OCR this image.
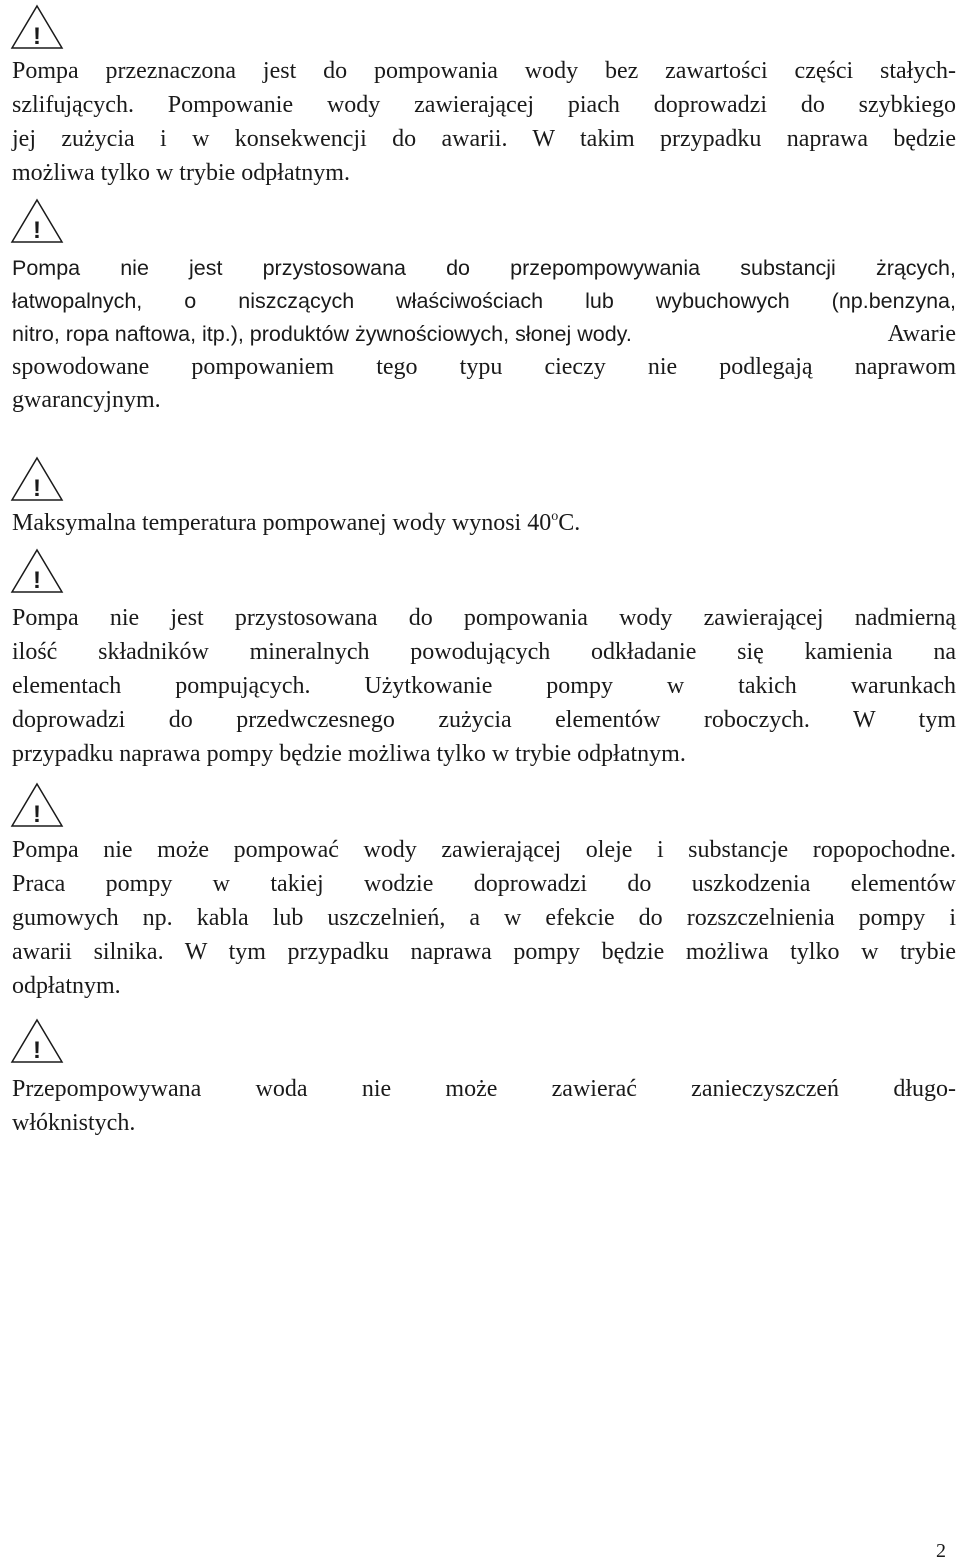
!
Pompa przeznaczona jest do pompowania wody bez zawartości części stałych-
szlifujących. Pompowanie wody zawierającej piach doprowadzi do szybkiego
jej zużycia i w konsekwencji do awarii. W takim przypadku naprawa będzie
możliwa tylko w trybie odpłatnym.
!
Pompa nie jest przystosowana do przepompowywania substancji żrących,
łatwopalnych, o niszczących właściwościach lub wybuchowych (np.benzyna,
nitro, ropa naftowa, itp.), produktów żywnościowych, słonej wody.	Awarie
spowodowane pompowaniem tego typu cieczy nie podlegają naprawom
gwarancyjnym.
!
Maksymalna temperatura pompowanej wody wynosi 40$^o$C.
!
Pompa nie jest przystosowana do pompowania wody zawierającej nadmierną
ilość składników mineralnych powodujących odkładanie się kamienia na
elementach pompujących. Użytkowanie pompy w takich warunkach
doprowadzi do przedwczesnego zużycia elementów roboczych. W tym
przypadku naprawa pompy będzie możliwa tylko w trybie odpłatnym.
!
Pompa nie może pompować wody zawierającej oleje i substancje ropopochodne.
Praca pompy w takiej wodzie doprowadzi do uszkodzenia elementów
gumowych np. kabla lub uszczelnień, a w efekcie do rozszczelnienia pompy i
awarii silnika. W tym przypadku naprawa pompy będzie możliwa tylko w trybie
odpłatnym.
!
Przepompowywana woda nie może zawierać zanieczyszczeń długo-
włóknistych.
2
